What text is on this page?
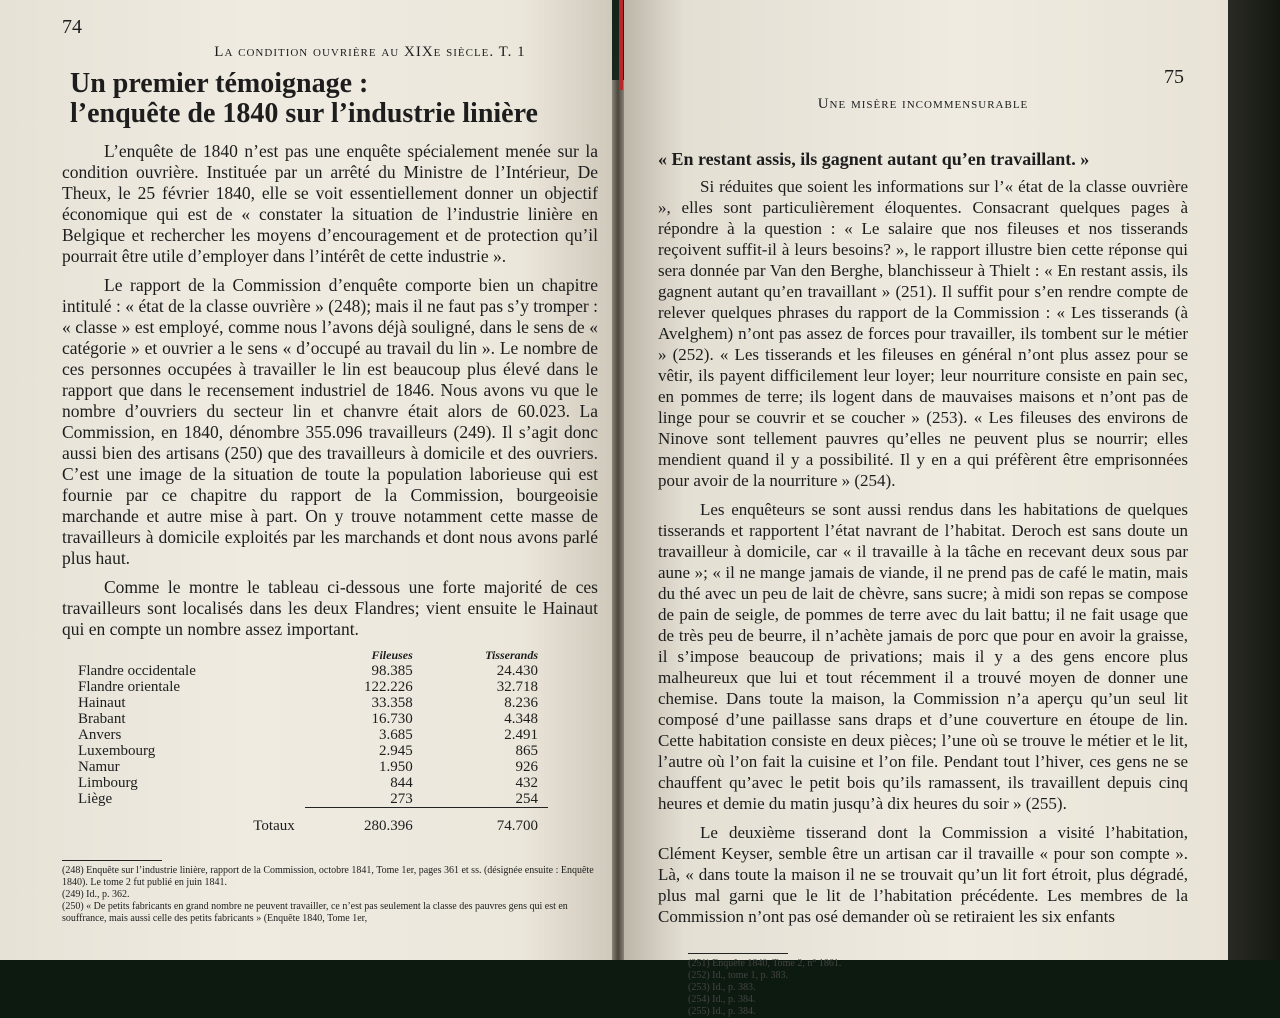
74
La condition ouvrière au XIXe siècle. T. 1
Un premier témoignage :
l’enquête de 1840 sur l’industrie linière

L’enquête de 1840 n’est pas une enquête spécialement menée sur la condition ouvrière. Instituée par un arrêté du Ministre de l’Intérieur, De Theux, le 25 février 1840, elle se voit essentiellement donner un objectif économique qui est de « constater la situation de l’industrie linière en Belgique et rechercher les moyens d’encouragement et de protection qu’il pourrait être utile d’employer dans l’intérêt de cette industrie ».

Le rapport de la Commission d’enquête comporte bien un chapitre intitulé : « état de la classe ouvrière » (248); mais il ne faut pas s’y tromper : « classe » est employé, comme nous l’avons déjà souligné, dans le sens de « catégorie » et ouvrier a le sens « d’occupé au travail du lin ». Le nombre de ces personnes occupées à travailler le lin est beaucoup plus élevé dans le rapport que dans le recensement industriel de 1846. Nous avons vu que le nombre d’ouvriers du secteur lin et chanvre était alors de 60.023. La Commission, en 1840, dénombre 355.096 travailleurs (249). Il s’agit donc aussi bien des artisans (250) que des travailleurs à domicile et des ouvriers. C’est une image de la situation de toute la population laborieuse qui est fournie par ce chapitre du rapport de la Commission, bourgeoisie marchande et autre mise à part. On y trouve notamment cette masse de travailleurs à domicile exploités par les marchands et dont nous avons parlé plus haut.

Comme le montre le tableau ci-dessous une forte majorité de ces travailleurs sont localisés dans les deux Flandres; vient ensuite le Hainaut qui en compte un nombre assez important.

	Fileuses	Tisserands
Flandre occidentale	98.385	24.430
Flandre orientale	122.226	32.718
Hainaut	33.358	8.236
Brabant	16.730	4.348
Anvers	3.685	2.491
Luxembourg	2.945	865
Namur	1.950	926
Limbourg	844	432
Liège	273	254
Totaux	280.396	74.700
(248) Enquête sur l’industrie linière, rapport de la Commission, octobre 1841, Tome 1er, pages 361 et ss. (désignée ensuite : Enquête 1840). Le tome 2 fut publié en juin 1841.
(249) Id., p. 362.
(250) « De petits fabricants en grand nombre ne peuvent travailler, ce n’est pas seulement la classe des pauvres gens qui est en souffrance, mais aussi celle des petits fabricants » (Enquête 1840, Tome 1er,
75
Une misère incommensurable
« En restant assis, ils gagnent autant qu’en travaillant. »

Si réduites que soient les informations sur l’« état de la classe ouvrière », elles sont particulièrement éloquentes. Consacrant quelques pages à répondre à la question : « Le salaire que nos fileuses et nos tisserands reçoivent suffit-il à leurs besoins? », le rapport illustre bien cette réponse qui sera donnée par Van den Berghe, blanchisseur à Thielt : « En restant assis, ils gagnent autant qu’en travaillant » (251). Il suffit pour s’en rendre compte de relever quelques phrases du rapport de la Commission : « Les tisserands (à Avelghem) n’ont pas assez de forces pour travailler, ils tombent sur le métier » (252). « Les tisserands et les fileuses en général n’ont plus assez pour se vêtir, ils payent difficilement leur loyer; leur nourriture consiste en pain sec, en pommes de terre; ils logent dans de mauvaises maisons et n’ont pas de linge pour se couvrir et se coucher » (253). « Les fileuses des environs de Ninove sont tellement pauvres qu’elles ne peuvent plus se nourrir; elles mendient quand il y a possibilité. Il y en a qui préfèrent être emprisonnées pour avoir de la nourriture » (254).

Les enquêteurs se sont aussi rendus dans les habitations de quelques tisserands et rapportent l’état navrant de l’habitat. Deroch est sans doute un travailleur à domicile, car « il travaille à la tâche en recevant deux sous par aune »; « il ne mange jamais de viande, il ne prend pas de café le matin, mais du thé avec un peu de lait de chèvre, sans sucre; à midi son repas se compose de pain de seigle, de pommes de terre avec du lait battu; il ne fait usage que de très peu de beurre, il n’achète jamais de porc que pour en avoir la graisse, il s’impose beaucoup de privations; mais il y a des gens encore plus malheureux que lui et tout récemment il a trouvé moyen de donner une chemise. Dans toute la maison, la Commission n’a aperçu qu’un seul lit composé d’une paillasse sans draps et d’une couverture en étoupe de lin. Cette habitation consiste en deux pièces; l’une où se trouve le métier et le lit, l’autre où l’on fait la cuisine et l’on file. Pendant tout l’hiver, ces gens ne se chauffent qu’avec le petit bois qu’ils ramassent, ils travaillent depuis cinq heures et demie du matin jusqu’à dix heures du soir » (255).

Le deuxième tisserand dont la Commission a visité l’habitation, Clément Keyser, semble être un artisan car il travaille « pour son compte ». Là, « dans toute la maison il ne se trouvait qu’un lit fort étroit, plus dégradé, plus mal garni que le lit de l’habitation précédente. Les membres de la Commission n’ont pas osé demander où se retiraient les six enfants

(251) Enquête 1840, Tome 2, n° 1861.
(252) Id., tome 1, p. 383.
(253) Id., p. 383.
(254) Id., p. 384.
(255) Id., p. 384.
